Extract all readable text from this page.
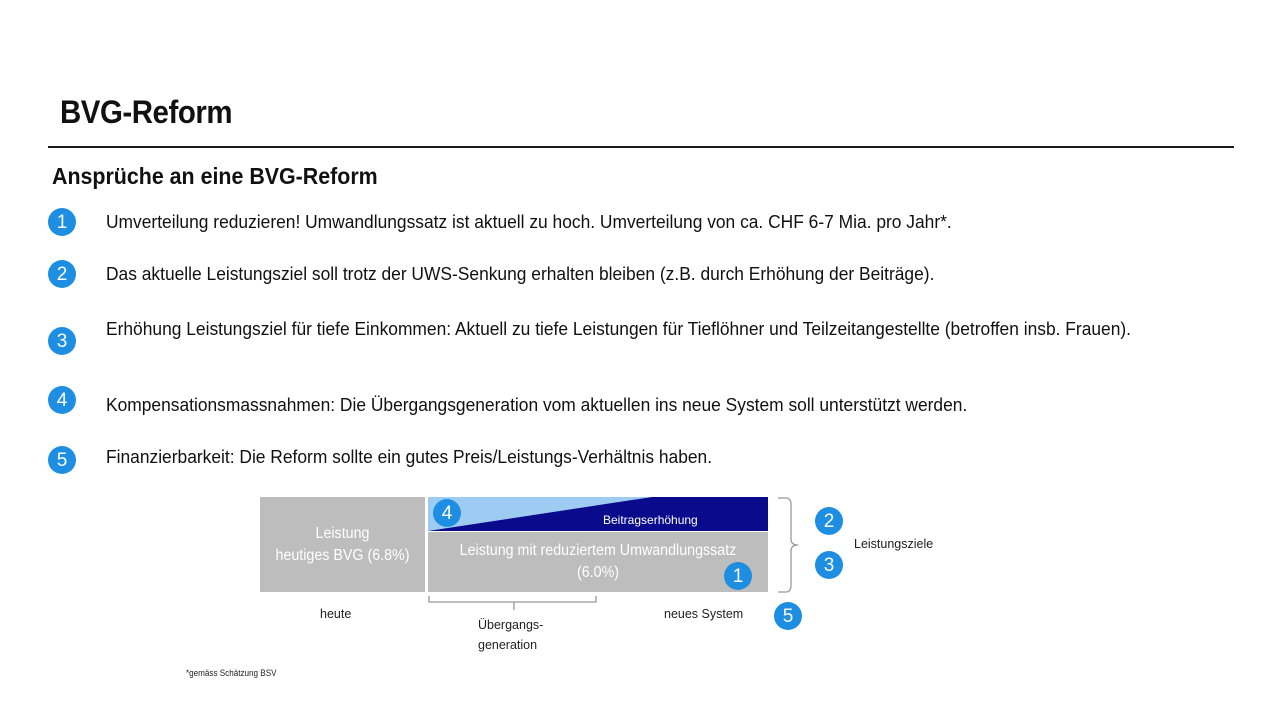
BVG-Reform
Ansprüche an eine BVG-Reform
1	Umverteilung reduzieren! Umwandlungssatz ist aktuell zu hoch. Umverteilung von ca. CHF 6-7 Mia. pro Jahr*.
2	Das aktuelle Leistungsziel soll trotz der UWS-Senkung erhalten bleiben (z.B. durch Erhöhung der Beiträge).
3
Erhöhung Leistungsziel für tiefe Einkommen: Aktuell zu tiefe Leistungen für Tieflöhner und Teilzeitangestellte (betroffen insb. Frauen).
4	Kompensationsmassnahmen: Die Übergangsgeneration vom aktuellen ins neue System soll unterstützt werden.
5	Finanzierbarkeit: Die Reform sollte ein gutes Preis/Leistungs-Verhältnis haben.
Leistung
heutiges BVG (6.8%)
Beitragserhöhung
Leistung mit reduziertem Umwandlungssatz
(6.0%)
4
1
2
3
Leistungsziele
5
heute
Übergangs-
generation
neues System
*gemäss Schätzung BSV
